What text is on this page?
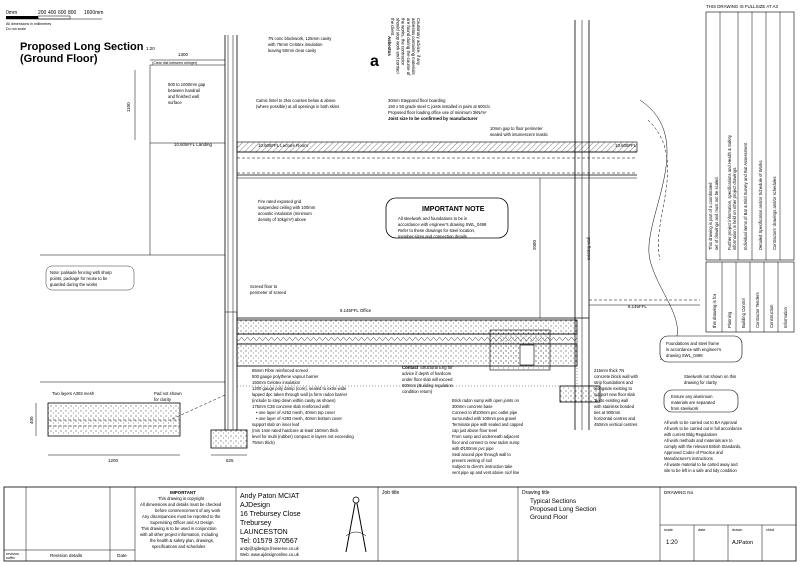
0mm	200 400 600 800 1600mm
All dimensions in millimetres
Do not scale
THIS DRAWING IS FULLSIZE AT A3
Proposed Long Section
(Ground Floor)
1:20
a
1300
(Clear dist between stringer)
1100
2080
1200	625
400
7N conc blockwork, 125mm cavity
with 75mm Celotex insulation
leaving 50mm clear cavity
900 to 1000mm gap
between handrail
and finished wall
surface	Catnic lintel to 2No courses below & above
(where possible) at all openings in both skins
10.605FFL Landing	10.605FFL Lecture Room	10.605FFL
30mm Steppond floor boarding
150 x 50 grade steel C joists installed in pairs at 600c/c
Proposed floor loading office use of minimum 3kN/m²
Joist size to be confirmed by manufacturer
10mm gap to floor perimeter
sealed with intumescent mastic
Fire rated exposed grid
suspended ceiling with 100mm
acoustic insulation (minimum
density of 10kg/m³) above
Screed floor to
perimeter of screed
8.145FFL Office
8.145FFL
existing wall
Note: palisade fencing with sharp
points, package for reuse to be
guarded during the works
Two layers A393 mesh	Pad not shown
for clarity
65mm Fibre reinforced screed
500 gauge polythene vapour barrier
150mm Celotex insulation
1200 gauge poly damp (cure), sealed to extra wide
lapped dpc taken through wall (a form radon barrier
(include to step down within cavity as shown)
175mm C35 concrete slab reinforced with:
• one layer of A252 mesh, 40mm top cover
• one layer of A393 mesh, 40mm bottom cover
support slab on inner leaf
(min 1min rated hardcore at least 150mm thick
level for multi (rubber) compact in layers not exceeding
75mm thick)
Contact Structural Eng for
advice if depth of hardcore
under floor slab will exceed
600mm (Building regulation
condition return)
Brick radon sump with open joints on
300mm concrete base
Connect to Ø100mm pvc outlet pipe
surrounded with 100mm pea gravel
Terminate pipe with sealed and capped
cap just above floor level
From sump and underneath adjacent
floor and connect to new radon sump
with Ø100mm pvc pipe
Seal around pipe through wall to
prevent venting of soil
Subject to client's instruction take
vent pipe up and vent above roof line
215mm thick 7N
concrete block wall with
strip foundations and
alongside existing to
support new floor slab
Tie to existing wall
with stainless bonded
ties at 900mm
horizontal centres and
450mm vertical centres
Foundations and steel frame
in accordance with engineer's
drawing SWL_0498
Steelwork not shown on this
drawing for clarity
Ensure any aluminium
materials are separated
from steelwork
All work to be carried out to BA Approval
All work to be carried out in full accordance
with current Bldg Regulations
All work methods and materials are to
comply with the relevant British Standards,
Approved Codes of Practice and
Manufacturer's instructions
All waste material to be carted away and
site to be left in a safe and tidy condition
IMPORTANT NOTE
All steelwork and foundations to be in
accordance with engineer's drawing SWL_0498
Refer to these drawings for steel location,
member sizes and connection details
Asbestos	Cautionary advice, if any asbestos containing materials are found during the course of the works, the contractor should stop work and contact the client.
This drawing is part of a coordinated set of drawings and must not be scaled. Further project information, specifications and Health & Safety information is held on other project drawings. Individual items of Bat & Bird Survey and Bat Assessment Detailed Specification and/or Schedule of Works Contractors' drawings and/or schedules
this drawing is for Planning Building Control Contractor Tenders Construction Information
revision
suffix	Revision details	Date
IMPORTANT
This drawing is copyright
All dimensions and details must be checked
before commencement of any work
Any discrepancies must be reported to the
Supervising Officer and AJ Design
This drawing is to be used in conjunction
with all other project information, including
the health & safety plan, drawings,
specifications and schedules
Andy Paton MCIAT
AJDesign
16 Trebursey Close
Trebursey
LAUNCESTON
Tel: 01579 370567
andy@ajdesign.freeserve.co.uk
Web: www.ajdesignonline.co.uk
Job title	Drawing title
Typical Sections
Proposed Long Section
Ground Floor
DRAWING No
scale
1:20
date	drawn
AJPaton
chkd
